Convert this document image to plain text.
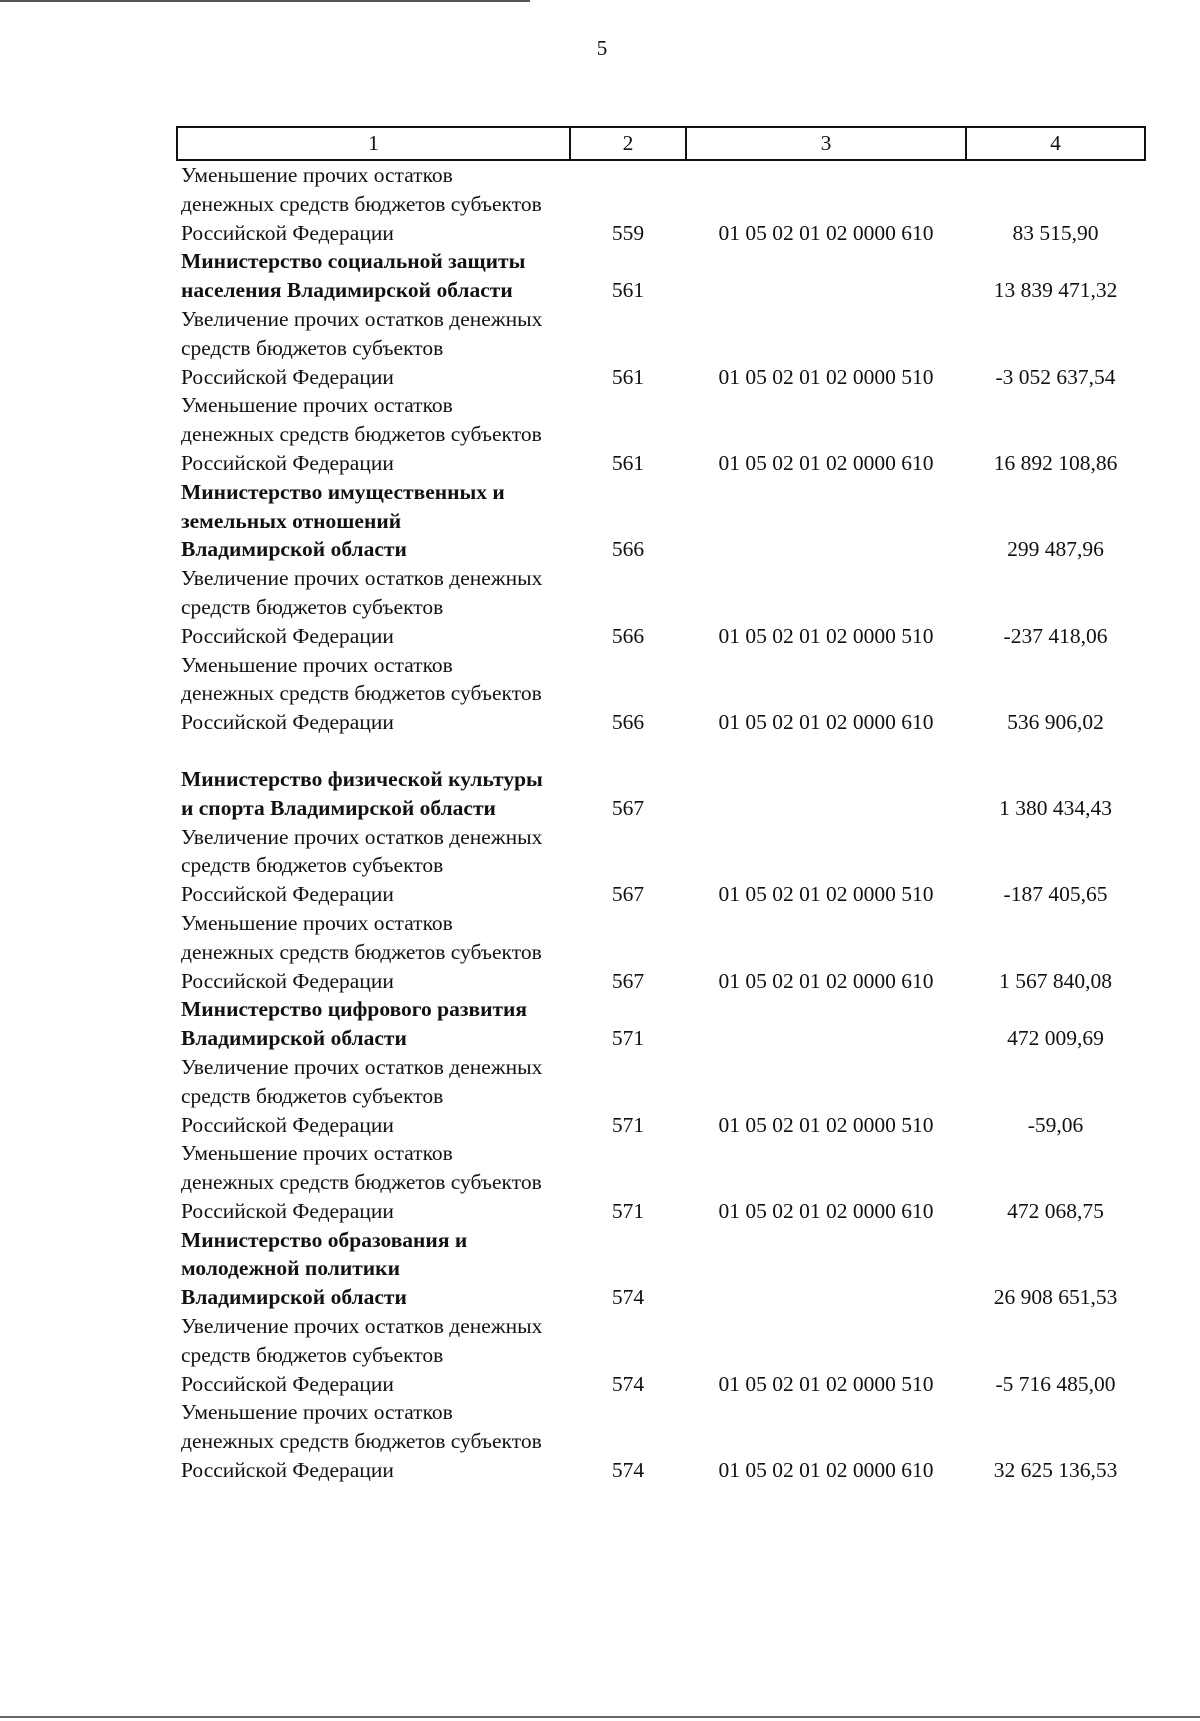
5
1	2	3	4

Уменьшение прочих остатков
денежных средств бюджетов субъектов
Российской Федерации	559	01 05 02 01 02 0000 610	83 515,90

Министерство социальной защиты
населения Владимирской области	561		13 839 471,32

Увеличение прочих остатков денежных
средств бюджетов субъектов
Российской Федерации	561	01 05 02 01 02 0000 510	-3 052 637,54

Уменьшение прочих остатков
денежных средств бюджетов субъектов
Российской Федерации	561	01 05 02 01 02 0000 610	16 892 108,86

Министерство имущественных и
земельных отношений
Владимирской области	566		299 487,96

Увеличение прочих остатков денежных
средств бюджетов субъектов
Российской Федерации	566	01 05 02 01 02 0000 510	-237 418,06

Уменьшение прочих остатков
денежных средств бюджетов субъектов
Российской Федерации	566	01 05 02 01 02 0000 610	536 906,02

Министерство физической культуры
и спорта Владимирской области	567		1 380 434,43

Увеличение прочих остатков денежных
средств бюджетов субъектов
Российской Федерации	567	01 05 02 01 02 0000 510	-187 405,65

Уменьшение прочих остатков
денежных средств бюджетов субъектов
Российской Федерации	567	01 05 02 01 02 0000 610	1 567 840,08

Министерство цифрового развития
Владимирской области	571		472 009,69

Увеличение прочих остатков денежных
средств бюджетов субъектов
Российской Федерации	571	01 05 02 01 02 0000 510	-59,06

Уменьшение прочих остатков
денежных средств бюджетов субъектов
Российской Федерации	571	01 05 02 01 02 0000 610	472 068,75

Министерство образования и
молодежной политики
Владимирской области	574		26 908 651,53

Увеличение прочих остатков денежных
средств бюджетов субъектов
Российской Федерации	574	01 05 02 01 02 0000 510	-5 716 485,00

Уменьшение прочих остатков
денежных средств бюджетов субъектов
Российской Федерации	574	01 05 02 01 02 0000 610	32 625 136,53
